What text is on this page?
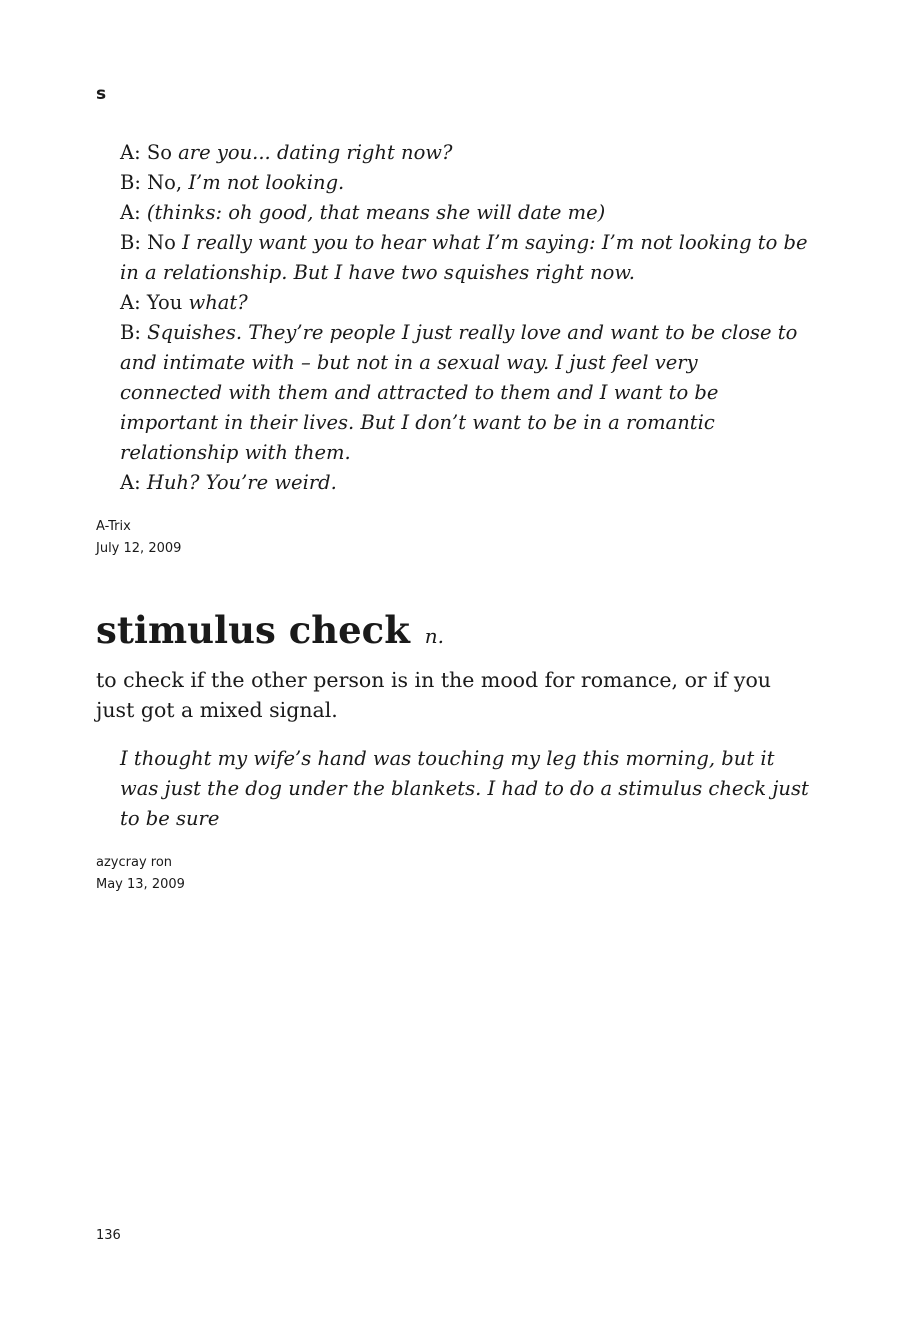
s

A: So are you... dating right now?
B: No, I’m not looking.
A: (thinks: oh good, that means she will date me)
B: No I really want you to hear what I’m saying: I’m not looking to be
in a relationship. But I have two squishes right now.
A: You what?
B: Squishes. They’re people I just really love and want to be close to
and intimate with – but not in a sexual way. I just feel very
connected with them and attracted to them and I want to be
important in their lives. But I don’t want to be in a romantic
relationship with them.
A: Huh? You’re weird.

A-Trix
July 12, 2009

stimulus check n.

to check if the other person is in the mood for romance, or if you
just got a mixed signal.

I thought my wife’s hand was touching my leg this morning, but it
was just the dog under the blankets. I had to do a stimulus check just
to be sure

azycray ron
May 13, 2009

136
